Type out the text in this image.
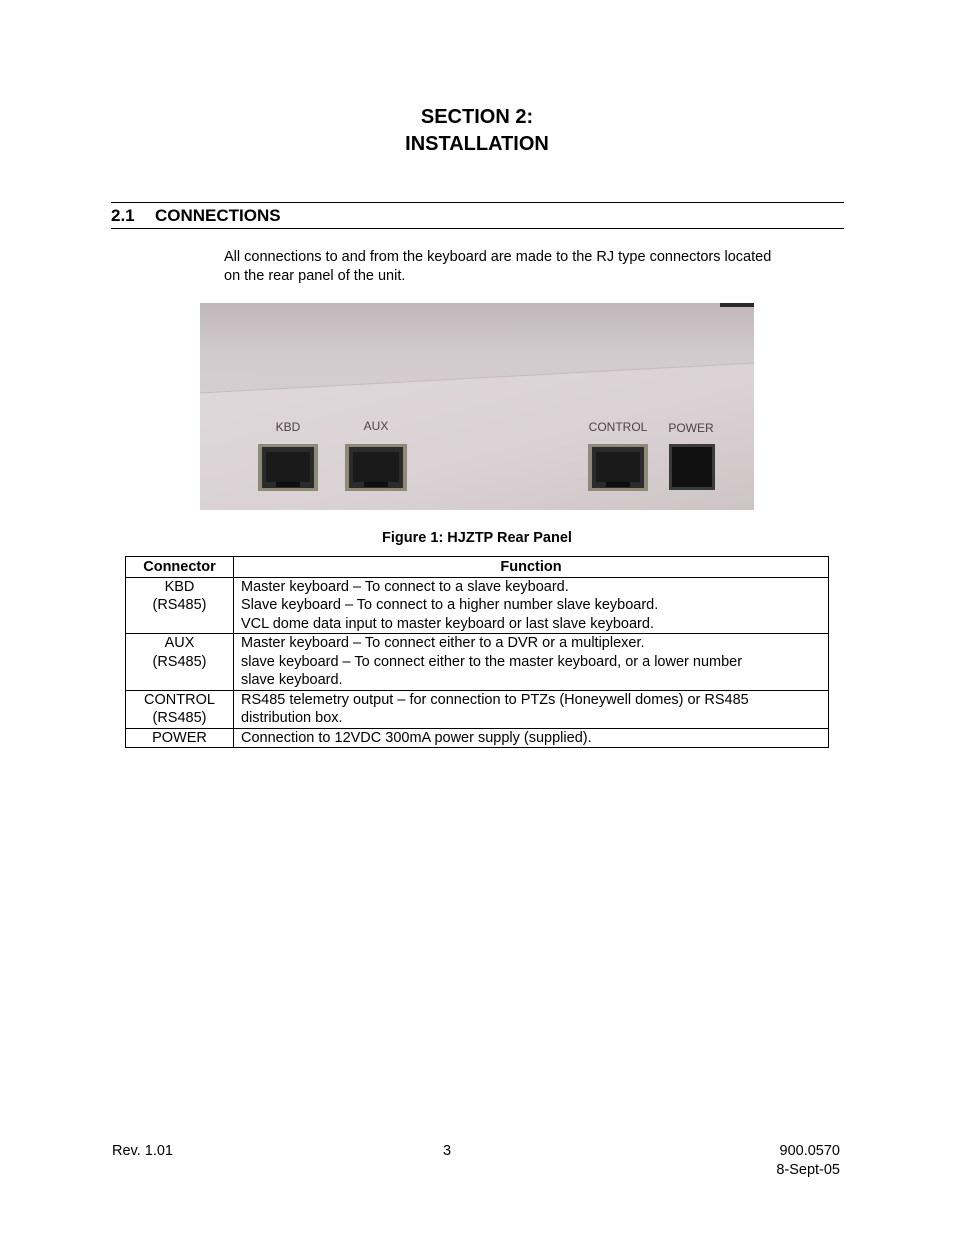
SECTION 2:
INSTALLATION
2.1 CONNECTIONS
All connections to and from the keyboard are made to the RJ type connectors located
on the rear panel of the unit.
KBD	AUX	CONTROL POWER
Figure 1: HJZTP Rear Panel
Connector	Function

KBD
(RS485)	Master keyboard – To connect to a slave keyboard.
Slave keyboard – To connect to a higher number slave keyboard.
VCL dome data input to master keyboard or last slave keyboard.

AUX
(RS485)	Master keyboard – To connect either to a DVR or a multiplexer.
slave keyboard – To connect either to the master keyboard, or a lower number
slave keyboard.

CONTROL
(RS485)	RS485 telemetry output – for connection to PTZs (Honeywell domes) or RS485
distribution box.

POWER	Connection to 12VDC 300mA power supply (supplied).
Rev. 1.01	3	900.0570
8-Sept-05
